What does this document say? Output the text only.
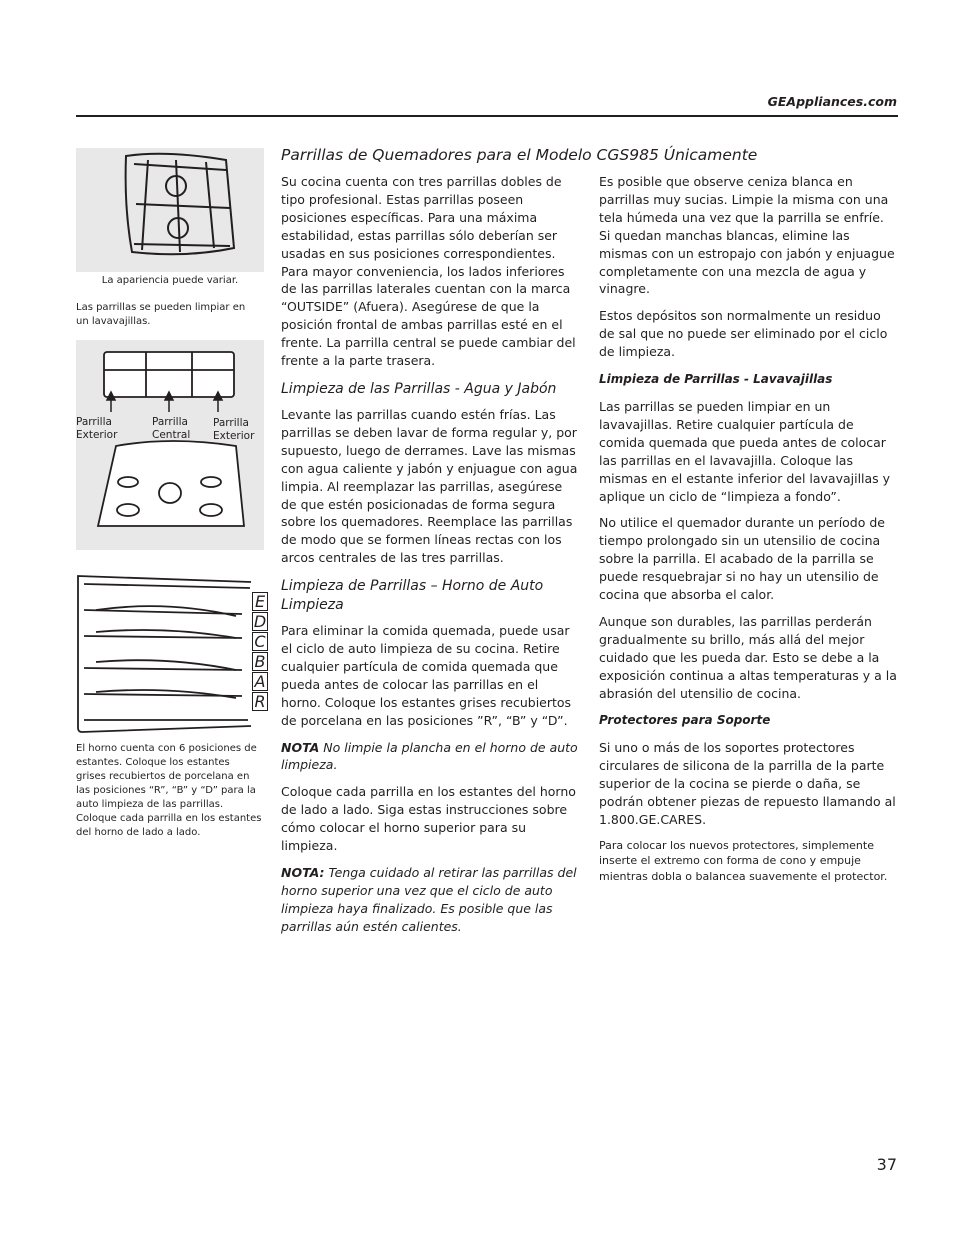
GEAppliances.com
La apariencia puede variar.
Las parrillas se pueden limpiar en un lavavajillas.
Parrilla
Exterior
Parrilla
Central
Parrilla
Exterior
E
D
C
B
A
R
El horno cuenta con 6 posiciones de estantes. Coloque los estantes grises recubiertos de porcelana en las posiciones “R”, “B” y “D” para la auto limpieza de las parrillas. Coloque cada parrilla en los estantes del horno de lado a lado.
Parrillas de Quemadores para el Modelo CGS985 Únicamente

Su cocina cuenta con tres parrillas dobles de tipo profesional. Estas parrillas poseen posiciones específicas. Para una máxima estabilidad, estas parrillas sólo deberían ser usadas en sus posiciones correspondientes. Para mayor conveniencia, los lados inferiores de las parrillas laterales cuentan con la marca “OUTSIDE” (Afuera). Asegúrese de que la posición frontal de ambas parrillas esté en el frente. La parrilla central se puede cambiar del frente a la parte trasera.

Limpieza de las Parrillas - Agua y Jabón

Levante las parrillas cuando estén frías. Las parrillas se deben lavar de forma regular y, por supuesto, luego de derrames. Lave las mismas con agua caliente y jabón y enjuague con agua limpia. Al reemplazar las parrillas, asegúrese de que estén posicionadas de forma segura sobre los quemadores. Reemplace las parrillas de modo que se formen líneas rectas con los arcos centrales de las tres parrillas.

Limpieza de Parrillas – Horno de Auto Limpieza

Para eliminar la comida quemada, puede usar el ciclo de auto limpieza de su cocina. Retire cualquier partícula de comida quemada que pueda antes de colocar las parrillas en el horno. Coloque los estantes grises recubiertos de porcelana en las posiciones ”R”, “B” y “D”.

NOTA No limpie la plancha en el horno de auto limpieza.

Coloque cada parrilla en los estantes del horno de lado a lado. Siga estas instrucciones sobre cómo colocar el horno superior para su limpieza.

NOTA: Tenga cuidado al retirar las parrillas del horno superior una vez que el ciclo de auto limpieza haya finalizado. Es posible que las parrillas aún estén calientes.

Es posible que observe ceniza blanca en parrillas muy sucias. Limpie la misma con una tela húmeda una vez que la parrilla se enfríe. Si quedan manchas blancas, elimine las mismas con un estropajo con jabón y enjuague completamente con una mezcla de agua y vinagre.

Estos depósitos son normalmente un residuo de sal que no puede ser eliminado por el ciclo de limpieza.

Limpieza de Parrillas - Lavavajillas

Las parrillas se pueden limpiar en un lavavajillas. Retire cualquier partícula de comida quemada que pueda antes de colocar las parrillas en el lavavajilla. Coloque las mismas en el estante inferior del lavavajillas y aplique un ciclo de “limpieza a fondo”.

No utilice el quemador durante un período de tiempo prolongado sin un utensilio de cocina sobre la parrilla. El acabado de la parrilla se puede resquebrajar si no hay un utensilio de cocina que absorba el calor.

Aunque son durables, las parrillas perderán gradualmente su brillo, más allá del mejor cuidado que les pueda dar. Esto se debe a la exposición continua a altas temperaturas y a la abrasión del utensilio de cocina.

Protectores para Soporte

Si uno o más de los soportes protectores circulares de silicona de la parrilla de la parte superior de la cocina se pierde o daña, se podrán obtener piezas de repuesto llamando al 1.800.GE.CARES.

Para colocar los nuevos protectores, simplemente inserte el extremo con forma de cono y empuje mientras dobla o balancea suavemente el protector.

37
